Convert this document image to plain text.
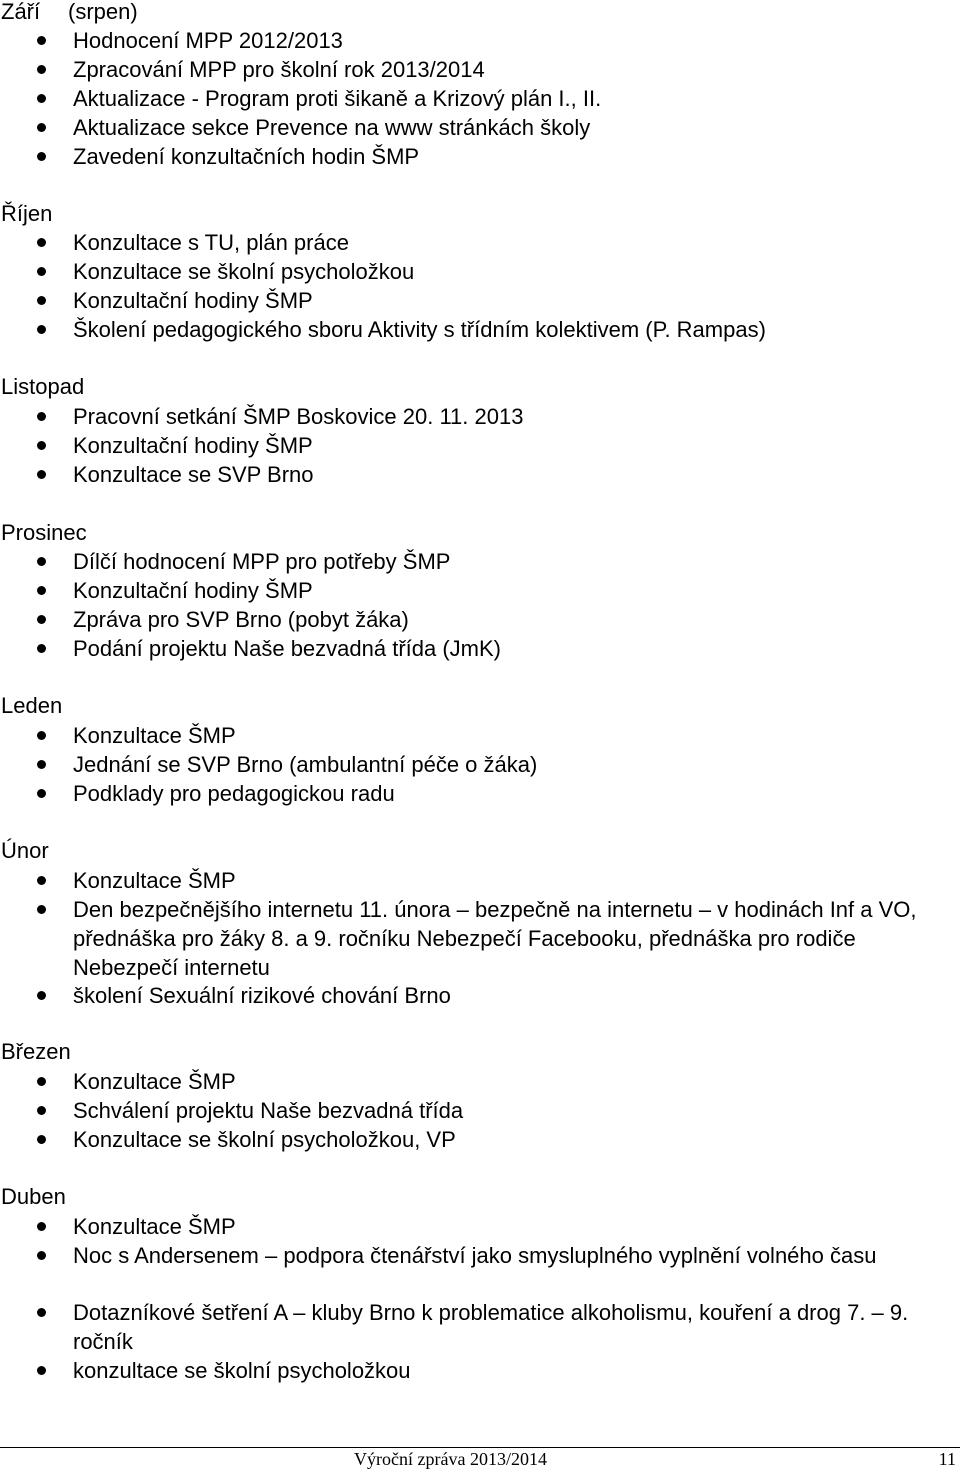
Září (srpen)
Hodnocení MPP 2012/2013
Zpracování MPP pro školní rok 2013/2014
Aktualizace - Program proti šikaně a Krizový plán I., II.
Aktualizace sekce Prevence na www stránkách školy
Zavedení konzultačních hodin ŠMP
Říjen
Konzultace s TU, plán práce
Konzultace se školní psycholožkou
Konzultační hodiny ŠMP
Školení pedagogického sboru Aktivity s třídním kolektivem (P. Rampas)
Listopad
Pracovní setkání ŠMP Boskovice 20. 11. 2013
Konzultační hodiny ŠMP
Konzultace se SVP Brno
Prosinec
Dílčí hodnocení MPP pro potřeby ŠMP
Konzultační hodiny ŠMP
Zpráva pro SVP Brno (pobyt žáka)
Podání projektu Naše bezvadná třída (JmK)
Leden
Konzultace ŠMP
Jednání se SVP Brno (ambulantní péče o žáka)
Podklady pro pedagogickou radu
Únor
Konzultace ŠMP
Den bezpečnějšího internetu 11. února – bezpečně na internetu – v hodinách Inf a VO, přednáška pro žáky 8. a 9. ročníku Nebezpečí Facebooku, přednáška pro rodiče Nebezpečí internetu
školení Sexuální rizikové chování Brno
Březen
Konzultace ŠMP
Schválení projektu Naše bezvadná třída
Konzultace se školní psycholožkou, VP
Duben
Konzultace ŠMP
Noc s Andersenem – podpora čtenářství jako smysluplného vyplnění volného času
Dotazníkové šetření A – kluby Brno k problematice alkoholismu, kouření a drog 7. – 9. ročník
konzultace se školní psycholožkou
Výroční zpráva 2013/2014	11
